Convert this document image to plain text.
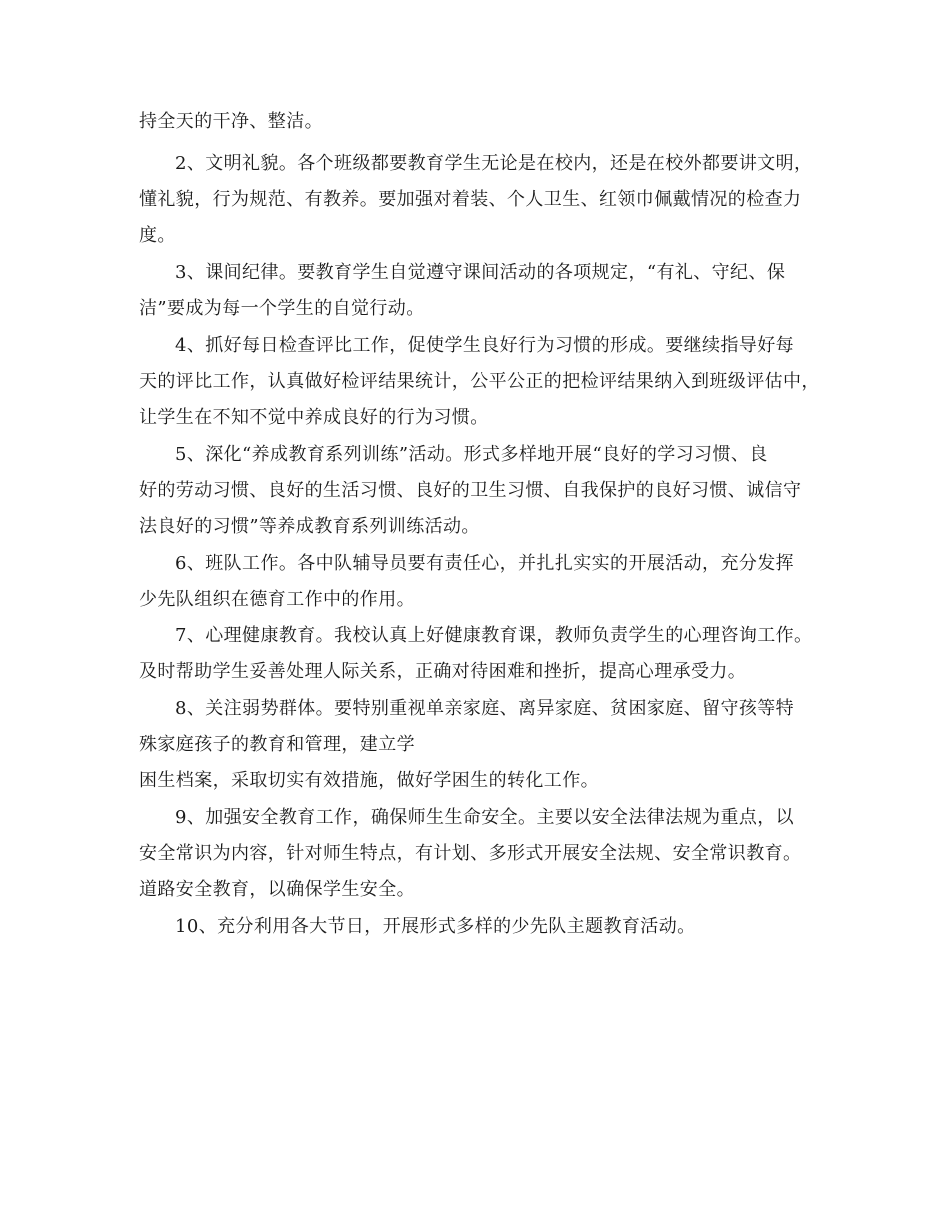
持全天的干净、整洁。
2、文明礼貌。各个班级都要教育学生无论是在校内，还是在校外都要讲文明，
懂礼貌，行为规范、有教养。要加强对着装、个人卫生、红领巾佩戴情况的检查力
度。
3、课间纪律。要教育学生自觉遵守课间活动的各项规定，“有礼、守纪、保
洁”要成为每一个学生的自觉行动。
4、抓好每日检查评比工作，促使学生良好行为习惯的形成。要继续指导好每
天的评比工作，认真做好检评结果统计，公平公正的把检评结果纳入到班级评估中，
让学生在不知不觉中养成良好的行为习惯。
5、深化“养成教育系列训练”活动。形式多样地开展“良好的学习习惯、良
好的劳动习惯、良好的生活习惯、良好的卫生习惯、自我保护的良好习惯、诚信守
法良好的习惯”等养成教育系列训练活动。
6、班队工作。各中队辅导员要有责任心，并扎扎实实的开展活动，充分发挥
少先队组织在德育工作中的作用。
7、心理健康教育。我校认真上好健康教育课，教师负责学生的心理咨询工作。
及时帮助学生妥善处理人际关系，正确对待困难和挫折，提高心理承受力。
8、关注弱势群体。要特别重视单亲家庭、离异家庭、贫困家庭、留守孩等特
殊家庭孩子的教育和管理，建立学
困生档案，采取切实有效措施，做好学困生的转化工作。
9、加强安全教育工作，确保师生生命安全。主要以安全法律法规为重点，以
安全常识为内容，针对师生特点，有计划、多形式开展安全法规、安全常识教育。
道路安全教育，以确保学生安全。
10、充分利用各大节日，开展形式多样的少先队主题教育活动。
